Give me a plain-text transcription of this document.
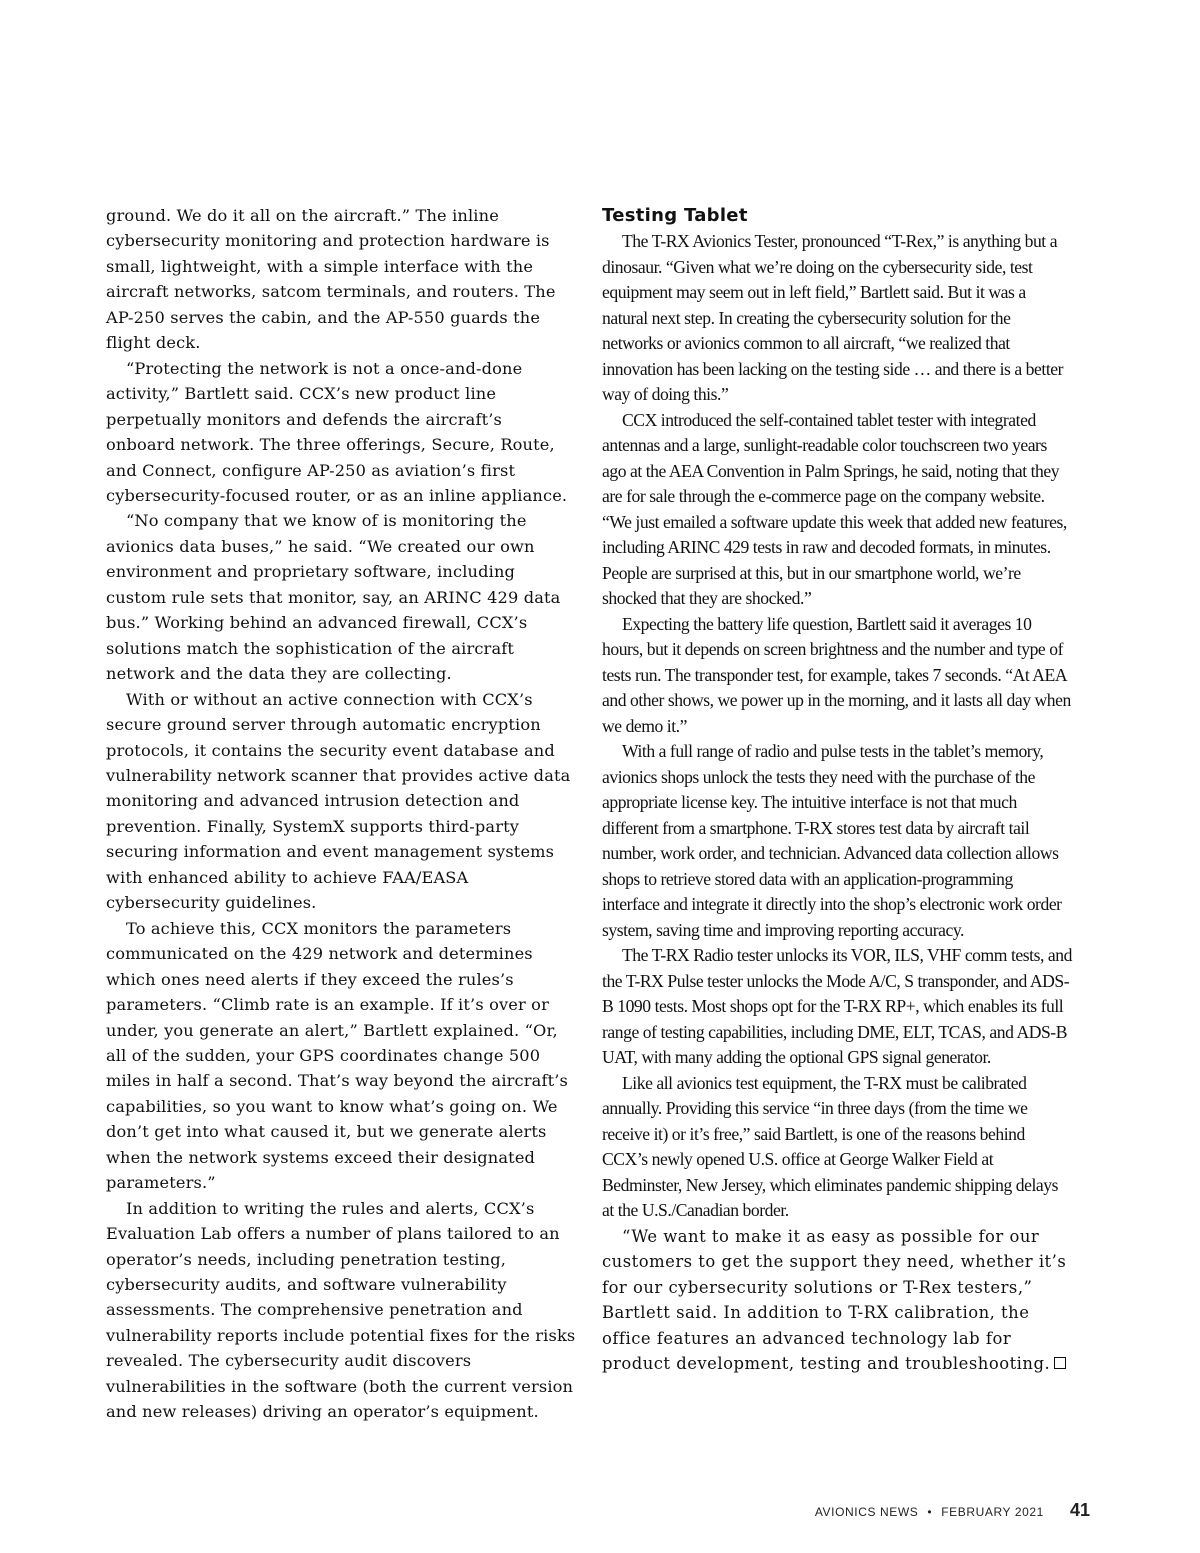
ground. We do it all on the aircraft.” The inline cybersecurity monitoring and protection hardware is small, lightweight, with a simple interface with the aircraft networks, satcom terminals, and routers. The AP-250 serves the cabin, and the AP-550 guards the flight deck.

“Protecting the network is not a once-and-done activity,” Bartlett said. CCX’s new product line perpetually monitors and defends the aircraft’s onboard network. The three offerings, Secure, Route, and Connect, configure AP-250 as aviation’s first cybersecurity-focused router, or as an inline appliance.

“No company that we know of is monitoring the avionics data buses,” he said. “We created our own environment and proprietary software, including custom rule sets that monitor, say, an ARINC 429 data bus.” Working behind an advanced firewall, CCX’s solutions match the sophistication of the aircraft network and the data they are collecting.

With or without an active connection with CCX’s secure ground server through automatic encryption protocols, it contains the security event database and vulnerability network scanner that provides active data monitoring and advanced intrusion detection and prevention. Finally, SystemX supports third-party securing information and event management systems with enhanced ability to achieve FAA/EASA cybersecurity guidelines.

To achieve this, CCX monitors the parameters communicated on the 429 network and determines which ones need alerts if they exceed the rules’s parameters. “Climb rate is an example. If it’s over or under, you generate an alert,” Bartlett explained. “Or, all of the sudden, your GPS coordinates change 500 miles in half a second. That’s way beyond the aircraft’s capabilities, so you want to know what’s going on. We don’t get into what caused it, but we generate alerts when the network systems exceed their designated parameters.”

In addition to writing the rules and alerts, CCX’s Evaluation Lab offers a number of plans tailored to an operator’s needs, including penetration testing, cybersecurity audits, and software vulnerability assessments. The comprehensive penetration and vulnerability reports include potential fixes for the risks revealed. The cybersecurity audit discovers vulnerabilities in the software (both the current version and new releases) driving an operator’s equipment.

Testing Tablet

The T-RX Avionics Tester, pronounced “T-Rex,” is anything but a dinosaur. “Given what we’re doing on the cybersecurity side, test equipment may seem out in left field,” Bartlett said. But it was a natural next step. In creating the cybersecurity solution for the networks or avionics common to all aircraft, “we realized that innovation has been lacking on the testing side … and there is a better way of doing this.”

CCX introduced the self-contained tablet tester with integrated antennas and a large, sunlight-readable color touchscreen two years ago at the AEA Convention in Palm Springs, he said, noting that they are for sale through the e-commerce page on the company website. “We just emailed a software update this week that added new features, including ARINC 429 tests in raw and decoded formats, in minutes. People are surprised at this, but in our smartphone world, we’re shocked that they are shocked.”

Expecting the battery life question, Bartlett said it averages 10 hours, but it depends on screen brightness and the number and type of tests run. The transponder test, for example, takes 7 seconds. “At AEA and other shows, we power up in the morning, and it lasts all day when we demo it.”

With a full range of radio and pulse tests in the tablet’s memory, avionics shops unlock the tests they need with the purchase of the appropriate license key. The intuitive interface is not that much different from a smartphone. T-RX stores test data by aircraft tail number, work order, and technician. Advanced data collection allows shops to retrieve stored data with an application-programming interface and integrate it directly into the shop’s electronic work order system, saving time and improving reporting accuracy.

The T-RX Radio tester unlocks its VOR, ILS, VHF comm tests, and the T-RX Pulse tester unlocks the Mode A/C, S transponder, and ADS-B 1090 tests. Most shops opt for the T-RX RP+, which enables its full range of testing capabilities, including DME, ELT, TCAS, and ADS-B UAT, with many adding the optional GPS signal generator.

Like all avionics test equipment, the T-RX must be calibrated annually. Providing this service “in three days (from the time we receive it) or it’s free,” said Bartlett, is one of the reasons behind CCX’s newly opened U.S. office at George Walker Field at Bedminster, New Jersey, which eliminates pandemic shipping delays at the U.S./Canadian border.

“We want to make it as easy as possible for our customers to get the support they need, whether it’s for our cybersecurity solutions or T-Rex testers,” Bartlett said. In addition to T-RX calibration, the office features an advanced technology lab for product development, testing and troubleshooting.

AVIONICS NEWS • FEBRUARY 2021 41
